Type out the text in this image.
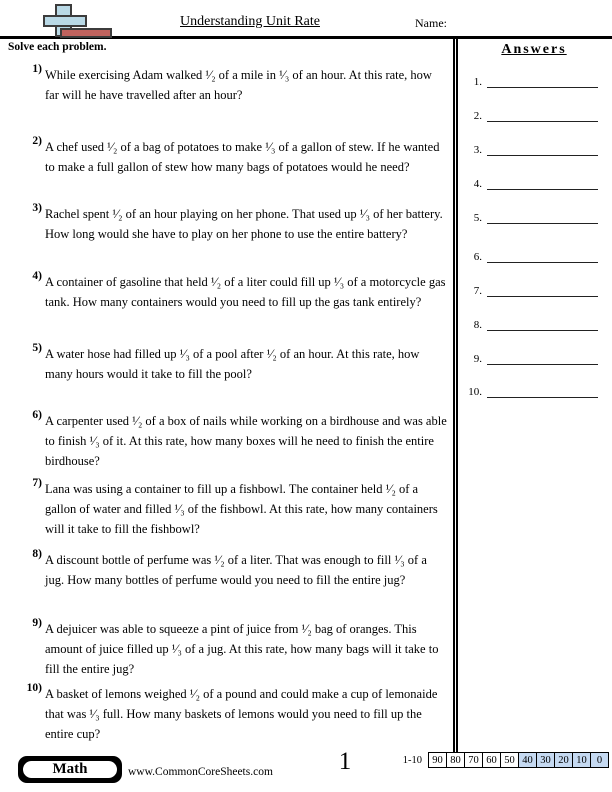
Understanding Unit Rate	Name:
Solve each problem.
1) While exercising Adam walked ¹⁄₂ of a mile in ¹⁄₃ of an hour. At this rate, how far will he have travelled after an hour?
2) A chef used ¹⁄₂ of a bag of potatoes to make ¹⁄₃ of a gallon of stew. If he wanted to make a full gallon of stew how many bags of potatoes would he need?
3) Rachel spent ¹⁄₂ of an hour playing on her phone. That used up ¹⁄₃ of her battery. How long would she have to play on her phone to use the entire battery?
4) A container of gasoline that held ¹⁄₂ of a liter could fill up ¹⁄₃ of a motorcycle gas tank. How many containers would you need to fill up the gas tank entirely?
5) A water hose had filled up ¹⁄₃ of a pool after ¹⁄₂ of an hour. At this rate, how many hours would it take to fill the pool?
6) A carpenter used ¹⁄₂ of a box of nails while working on a birdhouse and was able to finish ¹⁄₃ of it. At this rate, how many boxes will he need to finish the entire birdhouse?
7) Lana was using a container to fill up a fishbowl. The container held ¹⁄₂ of a gallon of water and filled ¹⁄₃ of the fishbowl. At this rate, how many containers will it take to fill the fishbowl?
8) A discount bottle of perfume was ¹⁄₂ of a liter. That was enough to fill ¹⁄₃ of a jug. How many bottles of perfume would you need to fill the entire jug?
9) A dejuicer was able to squeeze a pint of juice from ¹⁄₂ bag of oranges. This amount of juice filled up ¹⁄₃ of a jug. At this rate, how many bags will it take to fill the entire jug?
10) A basket of lemons weighed ¹⁄₂ of a pound and could make a cup of lemonaide that was ¹⁄₃ full. How many baskets of lemons would you need to fill up the entire cup?
Answers
1.
2.
3.
4.
5.
6.
7.
8.
9.
10.
Math	www.CommonCoreSheets.com	1	1-10 90 80 70 60 50 40 30 20 10 0
